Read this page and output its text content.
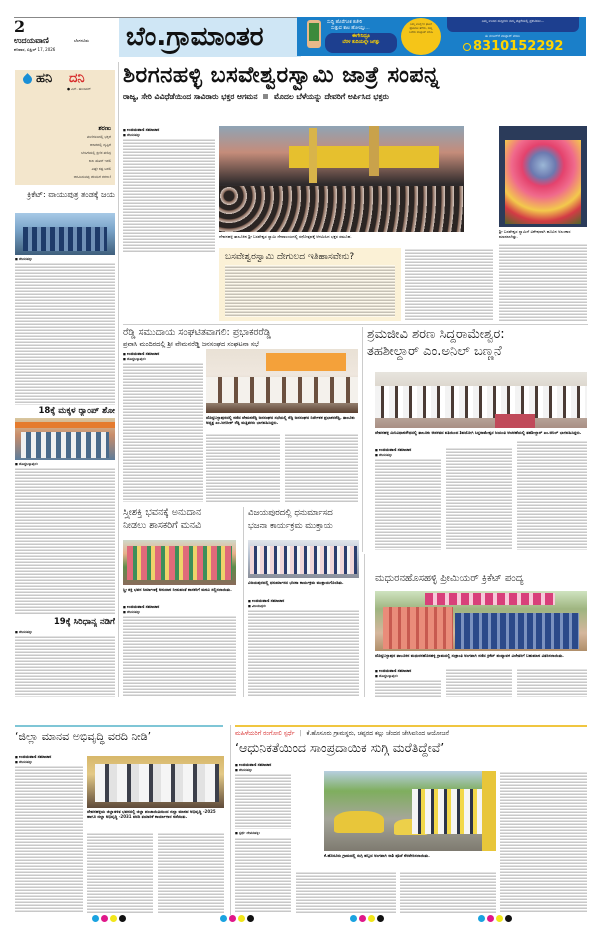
2
ಉದಯವಾಣಿ	ಬೆಂಗಳೂರು
ಶನಿವಾರ, ಏಪ್ರಿಲ್ 17, 2026	ಬೆಂ.ಗ್ರಾಮಾಂತರ	ಸುದ್ದಿ ಹೊರೆಗೂಕ ಕಚೇರಿ
ಸುತ್ತುವ ಕಾಲ ಹೋಯ್ತು...
ಈಗೇನಿದ್ರೂ
ಬೆರಳ ತುದಿಯಲ್ಲೇ ಜಗತ್ತು
ನಿಮ್ಮ ಊರ್ಲ್ಲಿನ ಘಟನೆ ಫೋಟೋ ತೆಗೆದು, ಸುದ್ದಿ ಬರೆದು ವಾಟ್ಸಾಪ್ ಮಾಡಿ
ನಿಮ್ಮ ಊರಿನ ಸುದ್ದಿಗಳು ನಮ್ಮ ಪತ್ರಿಕೆಯಲ್ಲಿ ಪ್ರಕಟಿಸಲು...
ಈ ನಂಬರ್‌ಗೆ ವಾಟ್ಸಾಪ್ ಮಾಡಿ
8310152292
ಹನಿ ದನಿ
● ಎನ್. ಹುಂಡಿಸರ್
ಶರಣು
ಮಣಿಗಳಿಂದಲ್ಲಿ ಭಕ್ತಿಗೆ
ಆಕಾಶದಲ್ಲಿ ದೃಷ್ಟಿಗೆ
ಬೇಸಿಗೆಯಲ್ಲಿ ಕ್ಷಣಿಕ ತಣಿವು
ಕಾಲ ಹೋಗೆ ಇರಲಿ
ಎಷ್ಟೇ ಕಷ್ಟ ಬರಲಿ
ಆಗಮಿಸುವವು ದೇವನಿಗೆ ಶರಣು!
ಕ್ರಿಕೆಟ್: ವಾಯುಪುತ್ರ ತಂಡಕ್ಕೆ ಜಯ
■ ದೇವನಹಳ್ಳಿ:
18ಕ್ಕೆ ಮಕ್ಕಳ ರ‍್ಯಾಂಪ್ ಶೋ
■ ದೊಡ್ಡಬಳ್ಳಾಪುರ:
19ಕ್ಕೆ ಸಿರಿಧಾನ್ಯ ನಡಿಗೆ
■ ದೇವನಹಳ್ಳಿ:
ಶಿರಗನಹಳ್ಳಿ ಬಸವೇಶ್ವರಸ್ವಾಮಿ ಜಾತ್ರೆ ಸಂಪನ್ನ
ರಾಜ್ಯ, ಸೇರಿ ವಿವಿಧೆಡೆಯಿಂದ ಸಾವಿರಾರು ಭಕ್ತರ ಆಗಮನ ಮೊದಲ ಬೆಳೆಯನ್ನು ದೇವರಿಗೆ ಅರ್ಪಿಸಿದ ಭಕ್ತರು
■ ಉದಯವಾಣಿ ಸಮಾಚಾರ
■ ದೇವನಹಳ್ಳಿ:
ದೇವನಹಳ್ಳಿ ತಾಲೂಕಿನ ಶ್ರೀ ಬಸವೇಶ್ವರ ಸ್ವಾಮಿ ದೇವಾಲಯದಲ್ಲಿ ರಥೋತ್ಸವಕ್ಕೆ ಆಗಮಿಸಿದ ಭಕ್ತರ ಸಮೂಹ.
ಶ್ರೀ ಬಸವೇಶ್ವರ ಸ್ವಾಮಿಗೆ ವಿಶೇಷವಾಗಿ ಹೂವಿನ ಅಲಂಕಾರ ಮಾಡಲಾಗಿತ್ತು.
ಬಸವೇಶ್ವರಸ್ವಾಮಿ ದೇಗುಲದ ಇತಿಹಾಸವೇನು?
ರೆಡ್ಡಿ ಸಮುದಾಯ ಸಂಘಟಿತವಾಗಲಿ: ಪ್ರಭಾಕರರೆಡ್ಡಿ
ಪ್ರವಾಸಿ ಮಂದಿರದಲ್ಲಿ ಶ್ರೀ ವೇಮನರೆಡ್ಡಿ ಜನಸಂಘದ ಸಂಘಟನಾ ಸಭೆ
■ ಉದಯವಾಣಿ ಸಮಾಚಾರ
■ ದೊಡ್ಡಬಳ್ಳಾಪುರ:
ದೊಡ್ಡಬಳ್ಳಾಪುರದಲ್ಲಿ ನಡೆದ ವೇಮನರೆಡ್ಡಿ ಜನಸಂಘದ ಸಭೆಯಲ್ಲಿ ರೆಡ್ಡಿ ಜನಸಂಘದ ನಿರ್ದೇಶಕ ಪ್ರಭಾಕರರೆಡ್ಡಿ, ತಾಲೂಕು ಅಧ್ಯಕ್ಷ ಎಂ.ಜಗದೀಶ್ ರೆಡ್ಡಿ ಮತ್ತಿತರರು ಭಾಗವಹಿಸಿದ್ದರು.
ಶ್ರಮಜೀವಿ ಶರಣ ಸಿದ್ದರಾಮೇಶ್ವರ:
ತಹಶೀಲ್ದಾರ್ ಎಂ.ಅನಿಲ್ ಬಣ್ಣನೆ
ದೇವನಹಳ್ಳಿ ಮಿನಿವಿಧಾನಸೌಧದಲ್ಲಿ ತಾಲೂಕು ಆಡಳಿತದ ವತಿಯಿಂದ ಶಿವಯೋಗಿ ಸಿದ್ದರಾಮೇಶ್ವರ ಜಯಂತಿ ಆಚರಣೆಯಲ್ಲಿ ತಹಶೀಲ್ದಾರ್ ಎಂ.ಅನಿಲ್ ಭಾಗವಹಿಸಿದ್ದರು.
■ ಉದಯವಾಣಿ ಸಮಾಚಾರ
■ ದೇವನಹಳ್ಳಿ:
ಸ್ತ್ರೀಶಕ್ತಿ ಭವನಕ್ಕೆ ಅನುದಾನ
ನೀಡಲು ಶಾಸಕರಿಗೆ ಮನವಿ
ಸ್ತ್ರೀ ಶಕ್ತಿ ಭವನ ನಿರ್ಮಾಣಕ್ಕೆ ಅನುದಾನ ನೀಡುವಂತೆ ಶಾಸಕರಿಗೆ ಮನವಿ ಸಲ್ಲಿಸಲಾಯಿತು.
■ ಉದಯವಾಣಿ ಸಮಾಚಾರ
■ ದೇವನಹಳ್ಳಿ:
ವಿಜಯಪುರದಲ್ಲಿ ಧನುರ್ಮಾಸದ
ಭಜನಾ ಕಾರ್ಯಕ್ರಮ ಮುಕ್ತಾಯ
ವಿಜಯಪುರದಲ್ಲಿ ಧನುರ್ಮಾಸದ ಭಜನಾ ಕಾರ್ಯಕ್ರಮ ಮುಕ್ತಾಯಗೊಂಡಿತು.
■ ಉದಯವಾಣಿ ಸಮಾಚಾರ
■ ವಿಜಯಪುರ:
ಮಧುರನಹೊಸಹಳ್ಳಿ ಪ್ರೀಮಿಯರ್ ಕ್ರಿಕೆಟ್ ಪಂದ್ಯ
ದೊಡ್ಡಬಳ್ಳಾಪುರ ತಾಲೂಕಿನ ಮಧುರನಹೊಸಹಳ್ಳಿ ಗ್ರಾಮದಲ್ಲಿ ಸಂಕ್ರಾಂತಿ ಅಂಗವಾಗಿ ನಡೆದ ಕ್ರಿಕೆಟ್ ಪಂದ್ಯಾವಳಿ ವಿಜೇತರಿಗೆ ಬಹುಮಾನ ವಿತರಿಸಲಾಯಿತು.
■ ಉದಯವಾಣಿ ಸಮಾಚಾರ
■ ದೊಡ್ಡಬಳ್ಳಾಪುರ:
‘ಜಿಲ್ಲಾ ಮಾನವ ಅಭಿವೃದ್ಧಿ ವರದಿ ನೀಡಿ’
■ ಉದಯವಾಣಿ ಸಮಾಚಾರ
■ ದೇವನಹಳ್ಳಿ:
ದೇವನಹಳ್ಳಿಯ ಜಿಲ್ಲಾಡಳಿತ ಭವನದಲ್ಲಿ ಜಿಲ್ಲಾ ಪಂಚಾಯಿತಿಯಿಂದ ಜಿಲ್ಲಾ ಮಾನವ ಅಭಿವೃದ್ಧಿ -2025 ಹಾಗೂ ಜಿಲ್ಲಾ ಅಭಿವೃದ್ಧಿ -2031 ವರದಿ ತಯಾರಿಕೆ ಕಾರ್ಯಾಗಾರ ನಡೆಯಿತು.
ಮಹಿಳೆಯರಿಗೆ ರಂಗೋಲಿ ಸ್ಪರ್ಧೆ | ಕೆ.ಹೊಸೂರು ಗ್ರಾಮಸ್ಥರು, ಚಪ್ಪರದ ಕಲ್ಲು ಚೆಂದನ ಜೇಸಿಐನಿಂದ ಆಯೋಜನೆ
‘ಆಧುನಿಕತೆಯಿಂದ ಸಾಂಪ್ರದಾಯಿಕ ಸುಗ್ಗಿ ಮರೆತಿದ್ದೇವೆ’
■ ಉದಯವಾಣಿ ಸಮಾಚಾರ
■ ದೇವನಹಳ್ಳಿ:
■ ಸ್ಪರ್ಧೆ ದೇವನಹಳ್ಳಿ:
ಕೆ.ಹೊಸೂರು ಗ್ರಾಮದಲ್ಲಿ ಸುಗ್ಗಿ ಹಬ್ಬದ ಅಂಗವಾಗಿ ರಾಶಿ ಪೂಜೆ ನೆರವೇರಿಸಲಾಯಿತು.
